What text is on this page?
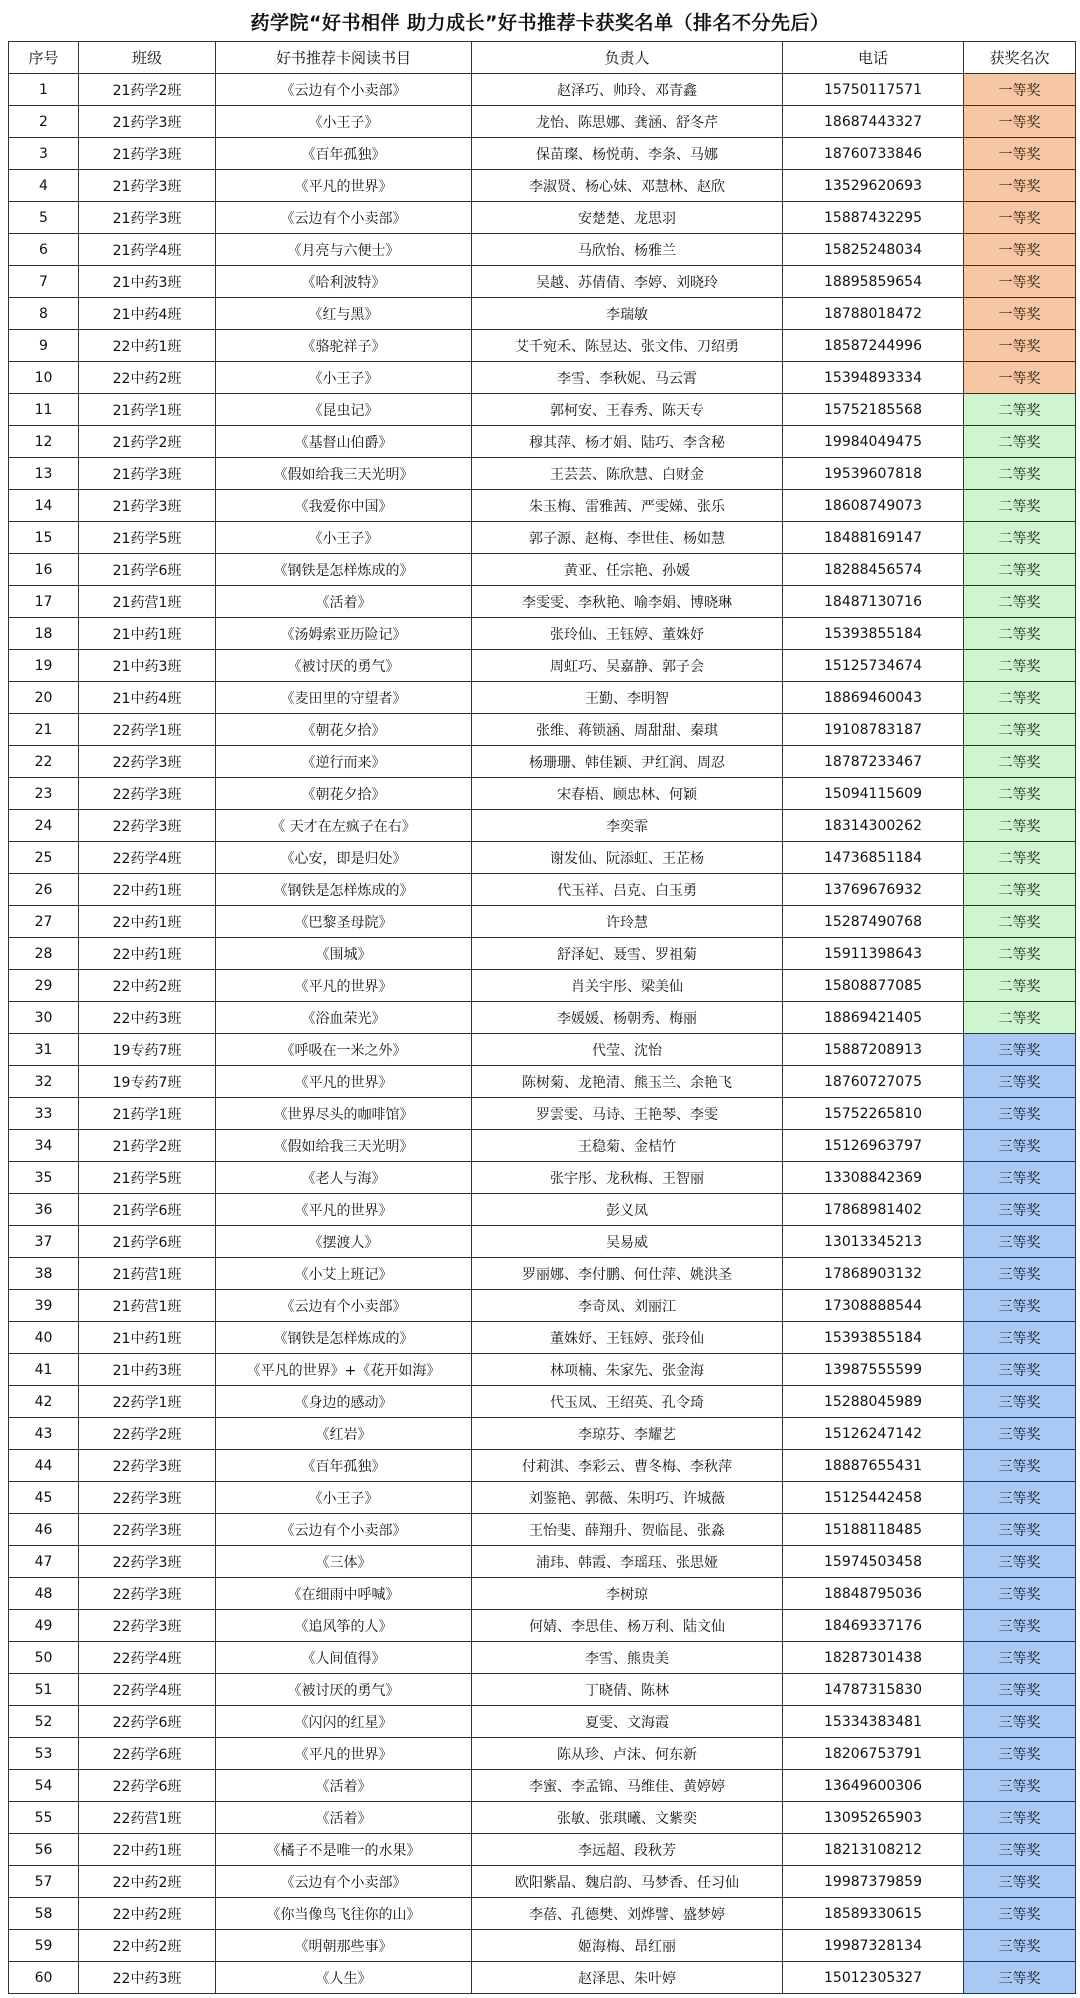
药学院“好书相伴 助力成长”好书推荐卡获奖名单（排名不分先后）
序号	班级	好书推荐卡阅读书目	负责人	电话	获奖名次
1	21药学2班	《云边有个小卖部》	赵泽巧、帅玲、邓青鑫	15750117571	一等奖
2	21药学3班	《小王子》	龙怡、陈思娜、龚涵、舒冬芹	18687443327	一等奖
3	21药学3班	《百年孤独》	保苗璨、杨悦萌、李条、马娜	18760733846	一等奖
4	21药学3班	《平凡的世界》	李淑贤、杨心妹、邓慧林、赵欣	13529620693	一等奖
5	21药学3班	《云边有个小卖部》	安楚楚、龙思羽	15887432295	一等奖
6	21药学4班	《月亮与六便士》	马欣怡、杨雅兰	15825248034	一等奖
7	21中药3班	《哈利波特》	吴越、苏倩倩、李婷、刘晓玲	18895859654	一等奖
8	21中药4班	《红与黑》	李瑞敏	18788018472	一等奖
9	22中药1班	《骆驼祥子》	艾千宛禾、陈昱达、张文伟、刀绍勇	18587244996	一等奖
10	22中药2班	《小王子》	李雪、李秋妮、马云霄	15394893334	一等奖
11	21药学1班	《昆虫记》	郭柯安、王春秀、陈天专	15752185568	二等奖
12	21药学2班	《基督山伯爵》	穆其萍、杨才娟、陆巧、李含秘	19984049475	二等奖
13	21药学3班	《假如给我三天光明》	王芸芸、陈欣慧、白财金	19539607818	二等奖
14	21药学3班	《我爱你中国》	朱玉梅、雷雅茜、严雯娣、张乐	18608749073	二等奖
15	21药学5班	《小王子》	郭子源、赵梅、李世佳、杨如慧	18488169147	二等奖
16	21药学6班	《钢铁是怎样炼成的》	黄亚、任宗艳、孙媛	18288456574	二等奖
17	21药营1班	《活着》	李雯雯、李秋艳、喻李娟、博晓琳	18487130716	二等奖
18	21中药1班	《汤姆索亚历险记》	张玲仙、王钰婷、董姝妤	15393855184	二等奖
19	21中药3班	《被讨厌的勇气》	周虹巧、吴嘉静、郭子会	15125734674	二等奖
20	21中药4班	《麦田里的守望者》	王勤、李明智	18869460043	二等奖
21	22药学1班	《朝花夕拾》	张维、蒋锁涵、周甜甜、秦琪	19108783187	二等奖
22	22药学3班	《逆行而来》	杨珊珊、韩佳颖、尹红润、周忍	18787233467	二等奖
23	22药学3班	《朝花夕拾》	宋春梧、顾忠林、何颖	15094115609	二等奖
24	22药学3班	《 天才在左疯子在右》	李奕霏	18314300262	二等奖
25	22药学4班	《心安，即是归处》	谢发仙、阮添虹、王芷杨	14736851184	二等奖
26	22中药1班	《钢铁是怎样炼成的》	代玉祥、吕克、白玉勇	13769676932	二等奖
27	22中药1班	《巴黎圣母院》	许玲慧	15287490768	二等奖
28	22中药1班	《围城》	舒泽妃、聂雪、罗祖菊	15911398643	二等奖
29	22中药2班	《平凡的世界》	肖关宇彤、梁美仙	15808877085	二等奖
30	22中药3班	《浴血荣光》	李媛媛、杨朝秀、梅丽	18869421405	二等奖
31	19专药7班	《呼吸在一米之外》	代莹、沈怡	15887208913	三等奖
32	19专药7班	《平凡的世界》	陈树菊、龙艳清、熊玉兰、余艳飞	18760727075	三等奖
33	21药学1班	《世界尽头的咖啡馆》	罗雲雯、马诗、王艳琴、李雯	15752265810	三等奖
34	21药学2班	《假如给我三天光明》	王稳菊、金桔竹	15126963797	三等奖
35	21药学5班	《老人与海》	张宇彤、龙秋梅、王智丽	13308842369	三等奖
36	21药学6班	《平凡的世界》	彭义凤	17868981402	三等奖
37	21药学6班	《摆渡人》	吴易威	13013345213	三等奖
38	21药营1班	《小艾上班记》	罗丽娜、李付鹏、何仕萍、姚洪圣	17868903132	三等奖
39	21药营1班	《云边有个小卖部》	李奇凤、刘丽江	17308888544	三等奖
40	21中药1班	《钢铁是怎样炼成的》	董姝妤、王钰婷、张玲仙	15393855184	三等奖
41	21中药3班	《平凡的世界》+《花开如海》	林项楠、朱家先、张金海	13987555599	三等奖
42	22药学1班	《身边的感动》	代玉凤、王绍英、孔令琦	15288045989	三等奖
43	22药学2班	《红岩》	李琼芬、李耀艺	15126247142	三等奖
44	22药学3班	《百年孤独》	付莉淇、李彩云、曹冬梅、李秋萍	18887655431	三等奖
45	22药学3班	《小王子》	刘鉴艳、郭薇、朱明巧、许城薇	15125442458	三等奖
46	22药学3班	《云边有个小卖部》	王怡斐、薛翔升、贺临昆、张淼	15188118485	三等奖
47	22药学3班	《三体》	浦玮、韩霞、李瑶珏、张思娅	15974503458	三等奖
48	22药学3班	《在细雨中呼喊》	李树琼	18848795036	三等奖
49	22药学3班	《追风筝的人》	何婧、李思佳、杨万利、陆文仙	18469337176	三等奖
50	22药学4班	《人间值得》	李雪、熊贵美	18287301438	三等奖
51	22药学4班	《被讨厌的勇气》	丁晓倩、陈林	14787315830	三等奖
52	22药学6班	《闪闪的红星》	夏雯、文海霞	15334383481	三等奖
53	22药学6班	《平凡的世界》	陈从珍、卢沫、何东新	18206753791	三等奖
54	22药学6班	《活着》	李蜜、李孟锦、马维佳、黄婷婷	13649600306	三等奖
55	22药营1班	《活着》	张敏、张琪曦、文紫奕	13095265903	三等奖
56	22中药1班	《橘子不是唯一的水果》	李远超、段秋芳	18213108212	三等奖
57	22中药2班	《云边有个小卖部》	欧阳紫晶、魏启韵、马梦香、任习仙	19987379859	三等奖
58	22中药2班	《你当像鸟飞往你的山》	李蓓、孔德樊、刘烨譬、盛梦婷	18589330615	三等奖
59	22中药2班	《明朝那些事》	姬海梅、昂红丽	19987328134	三等奖
60	22中药3班	《人生》	赵泽思、朱叶婷	15012305327	三等奖
